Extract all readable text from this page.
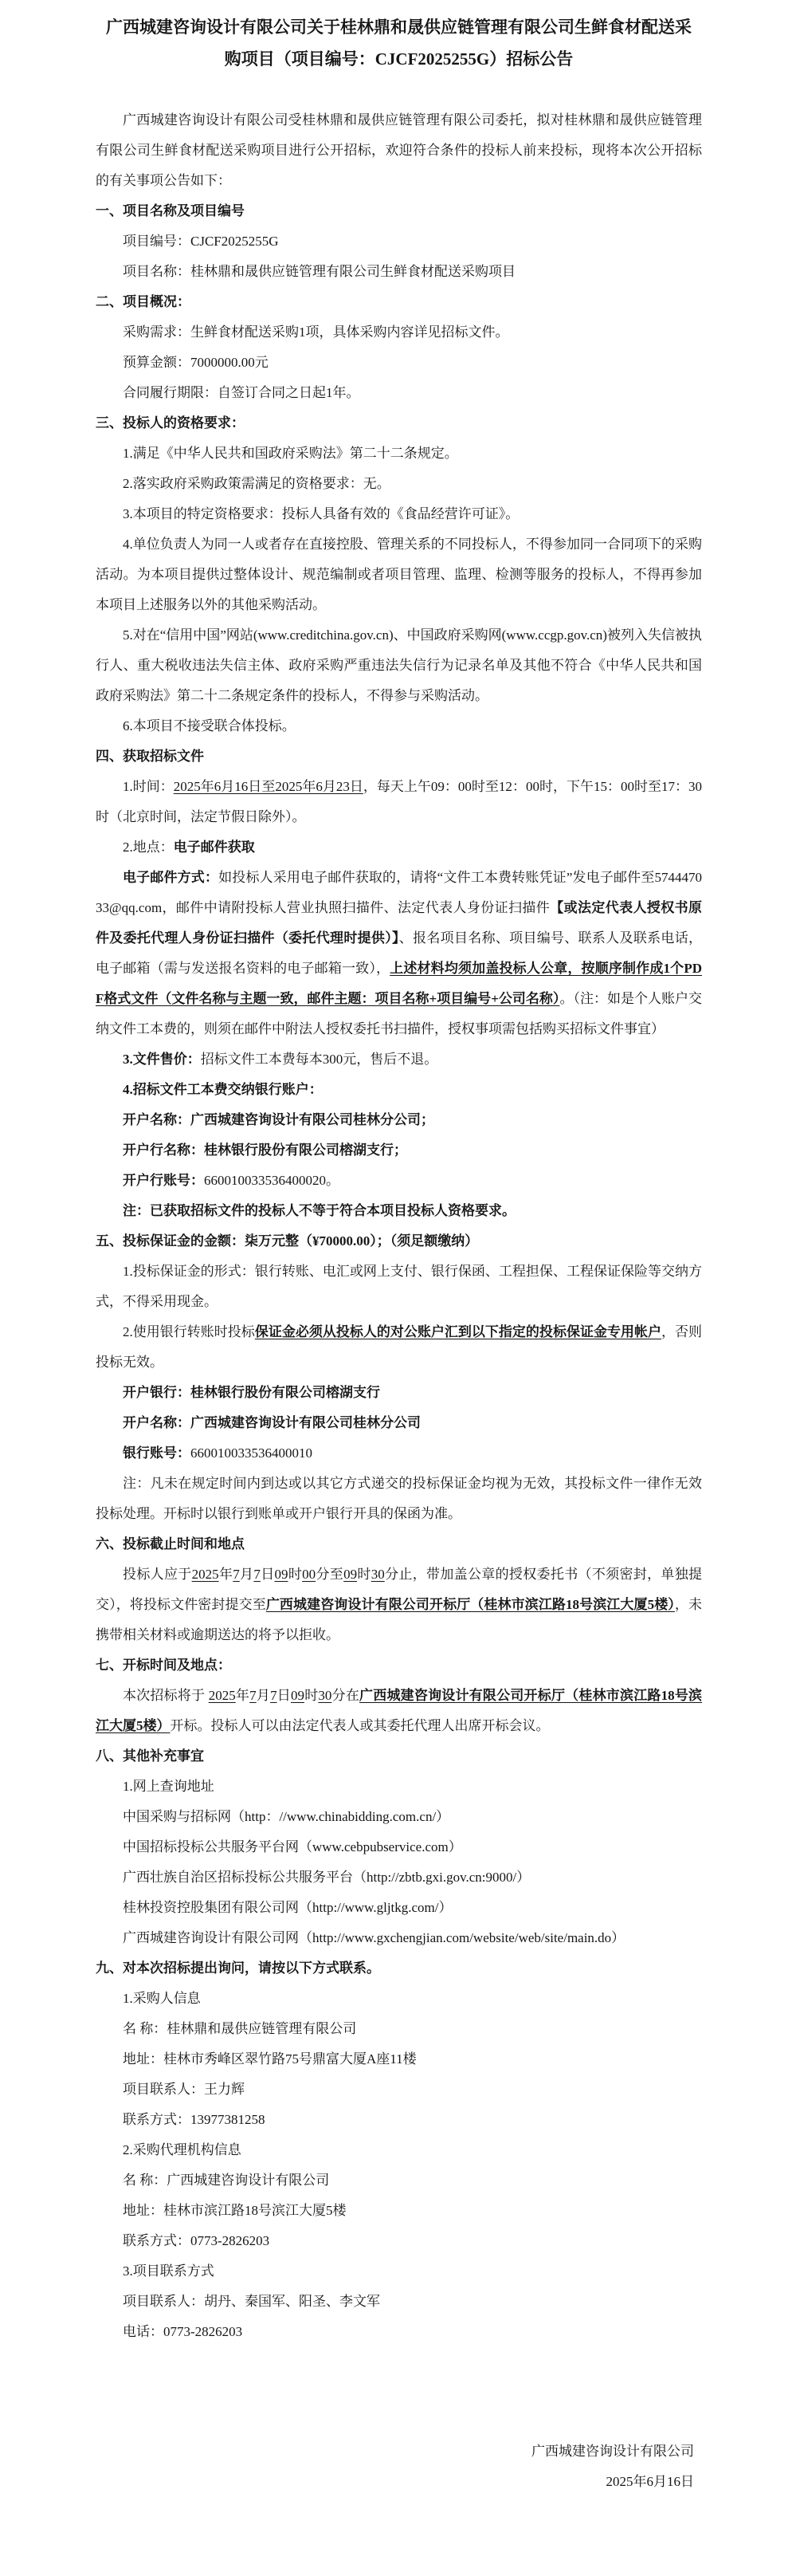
广西城建咨询设计有限公司关于桂林鼎和晟供应链管理有限公司生鲜食材配送采购项目（项目编号：CJCF2025255G）招标公告

广西城建咨询设计有限公司受桂林鼎和晟供应链管理有限公司委托，拟对桂林鼎和晟供应链管理有限公司生鲜食材配送采购项目进行公开招标，欢迎符合条件的投标人前来投标，现将本次公开招标的有关事项公告如下：

一、项目名称及项目编号

项目编号：CJCF2025255G

项目名称：桂林鼎和晟供应链管理有限公司生鲜食材配送采购项目

二、项目概况：

采购需求：生鲜食材配送采购1项，具体采购内容详见招标文件。

预算金额：7000000.00元

合同履行期限：自签订合同之日起1年。

三、投标人的资格要求：

1.满足《中华人民共和国政府采购法》第二十二条规定。

2.落实政府采购政策需满足的资格要求：无。

3.本项目的特定资格要求：投标人具备有效的《食品经营许可证》。

4.单位负责人为同一人或者存在直接控股、管理关系的不同投标人，不得参加同一合同项下的采购活动。为本项目提供过整体设计、规范编制或者项目管理、监理、检测等服务的投标人，不得再参加本项目上述服务以外的其他采购活动。

5.对在“信用中国”网站(www.creditchina.gov.cn)、中国政府采购网(www.ccgp.gov.cn)被列入失信被执行人、重大税收违法失信主体、政府采购严重违法失信行为记录名单及其他不符合《中华人民共和国政府采购法》第二十二条规定条件的投标人，不得参与采购活动。

6.本项目不接受联合体投标。

四、获取招标文件

1.时间：2025年6月16日至2025年6月23日，每天上午09：00时至12：00时，下午15：00时至17：30时（北京时间，法定节假日除外）。

2.地点：电子邮件获取

电子邮件方式：如投标人采用电子邮件获取的，请将“文件工本费转账凭证”发电子邮件至574447033@qq.com，邮件中请附投标人营业执照扫描件、法定代表人身份证扫描件【或法定代表人授权书原件及委托代理人身份证扫描件（委托代理时提供）】、报名项目名称、项目编号、联系人及联系电话，电子邮箱（需与发送报名资料的电子邮箱一致），上述材料均须加盖投标人公章，按顺序制作成1个PDF格式文件（文件名称与主题一致，邮件主题：项目名称+项目编号+公司名称）。（注：如是个人账户交纳文件工本费的，则须在邮件中附法人授权委托书扫描件，授权事项需包括购买招标文件事宜）

3.文件售价：招标文件工本费每本300元，售后不退。

4.招标文件工本费交纳银行账户：

开户名称：广西城建咨询设计有限公司桂林分公司；

开户行名称：桂林银行股份有限公司榕湖支行；

开户行账号：660010033536400020。

注：已获取招标文件的投标人不等于符合本项目投标人资格要求。

五、投标保证金的金额：柒万元整（¥70000.00）；（须足额缴纳）

1.投标保证金的形式：银行转账、电汇或网上支付、银行保函、工程担保、工程保证保险等交纳方式，不得采用现金。

2.使用银行转账时投标保证金必须从投标人的对公账户汇到以下指定的投标保证金专用帐户，否则投标无效。

开户银行：桂林银行股份有限公司榕湖支行

开户名称：广西城建咨询设计有限公司桂林分公司

银行账号：660010033536400010

注：凡未在规定时间内到达或以其它方式递交的投标保证金均视为无效，其投标文件一律作无效投标处理。开标时以银行到账单或开户银行开具的保函为准。

六、投标截止时间和地点

投标人应于2025年7月7日09时00分至09时30分止，带加盖公章的授权委托书（不须密封，单独提交），将投标文件密封提交至广西城建咨询设计有限公司开标厅（桂林市滨江路18号滨江大厦5楼），未携带相关材料或逾期送达的将予以拒收。

七、开标时间及地点：

本次招标将于 2025年7月7日09时30分在广西城建咨询设计有限公司开标厅（桂林市滨江路18号滨江大厦5楼）开标。投标人可以由法定代表人或其委托代理人出席开标会议。

八、其他补充事宜

1.网上查询地址

中国采购与招标网（http：//www.chinabidding.com.cn/）

中国招标投标公共服务平台网（www.cebpubservice.com）

广西壮族自治区招标投标公共服务平台（http://zbtb.gxi.gov.cn:9000/）

桂林投资控股集团有限公司网（http://www.gljtkg.com/）

广西城建咨询设计有限公司网（http://www.gxchengjian.com/website/web/site/main.do）

九、对本次招标提出询问，请按以下方式联系。

1.采购人信息

名 称：桂林鼎和晟供应链管理有限公司

地址：桂林市秀峰区翠竹路75号鼎富大厦A座11楼

项目联系人：王力辉

联系方式：13977381258

2.采购代理机构信息

名 称：广西城建咨询设计有限公司

地址：桂林市滨江路18号滨江大厦5楼

联系方式：0773-2826203

3.项目联系方式

项目联系人：胡丹、秦国军、阳圣、李文军

电话：0773-2826203

广西城建咨询设计有限公司

2025年6月16日
